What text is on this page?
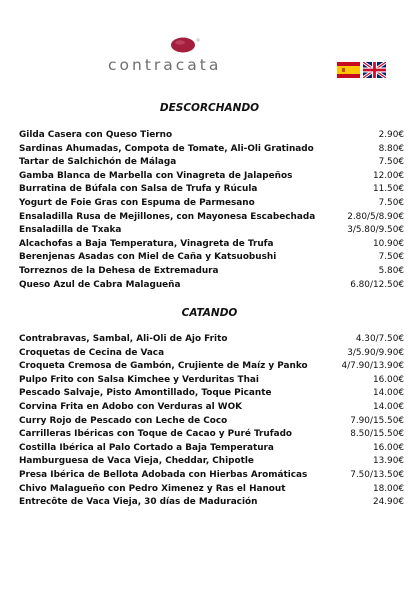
contracata
DESCORCHANDO
Gilda Casera con Queso Tierno	2.90€
Sardinas Ahumadas, Compota de Tomate, Ali-Oli Gratinado	8.80€
Tartar de Salchichón de Málaga	7.50€
Gamba Blanca de Marbella con Vinagreta de Jalapeños	12.00€
Burratina de Búfala con Salsa de Trufa y Rúcula	11.50€
Yogurt de Foie Gras con Espuma de Parmesano	7.50€
Ensaladilla Rusa de Mejillones, con Mayonesa Escabechada	2.80/5/8.90€
Ensaladilla de Txaka	3/5.80/9.50€
Alcachofas a Baja Temperatura, Vinagreta de Trufa	10.90€
Berenjenas Asadas con Miel de Caña y Katsuobushi	7.50€
Torreznos de la Dehesa de Extremadura	5.80€
Queso Azul de Cabra Malagueña	6.80/12.50€
CATANDO
Contrabravas, Sambal, Ali-Oli de Ajo Frito	4.30/7.50€
Croquetas de Cecina de Vaca	3/5.90/9.90€
Croqueta Cremosa de Gambón, Crujiente de Maíz y Panko	4/7.90/13.90€
Pulpo Frito con Salsa Kimchee y Verduritas Thai	16.00€
Pescado Salvaje, Pisto Amontillado, Toque Picante	14.00€
Corvina Frita en Adobo con Verduras al WOK	14.00€
Curry Rojo de Pescado con Leche de Coco	7.90/15.50€
Carrilleras Ibéricas con Toque de Cacao y Puré Trufado	8.50/15.50€
Costilla Ibérica al Palo Cortado a Baja Temperatura	16.00€
Hamburguesa de Vaca Vieja, Cheddar, Chipotle	13.90€
Presa Ibérica de Bellota Adobada con Hierbas Aromáticas	7.50/13.50€
Chivo Malagueño con Pedro Ximenez y Ras el Hanout	18.00€
Entrecôte de Vaca Vieja, 30 días de Maduración	24.90€
